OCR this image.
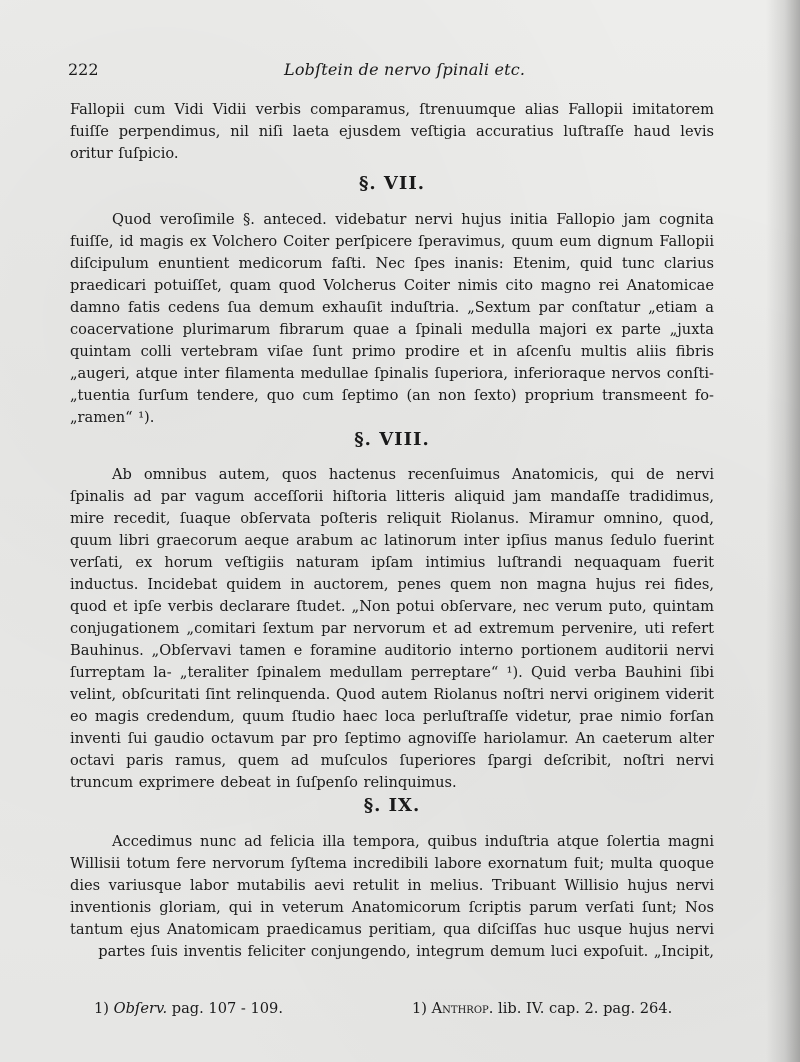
222	Lobſtein de nervo ſpinali etc.

Fallopii cum Vidi Vidii verbis comparamus, ſtrenuumque alias Fallopii imitatorem fuiſſe perpendimus, nil niſi laeta ejusdem veſtigia accuratius luſtraſſe haud levis oritur ſuſpicio.

§. VII.

Quod veroſimile §. anteced. videbatur nervi hujus initia Fallopio jam cognita fuiſſe, id magis ex Volchero Coiter perſpicere ſperavimus, quum eum dignum Fallopii diſcipulum enuntient medicorum faſti. Nec ſpes inanis: Etenim, quid tunc clarius praedicari potuiſſet, quam quod Volcherus Coiter nimis cito magno rei Anatomicae damno fatis cedens ſua demum exhauſit induſtria. „Sextum par conſtatur „etiam a coacervatione plurimarum fibrarum quae a ſpinali medulla majori ex parte „juxta quintam colli vertebram viſae ſunt primo prodire et in aſcenſu multis aliis fibris „augeri, atque inter filamenta medullae ſpinalis ſuperiora, inferioraque nervos conſti- „tuentia ſurſum tendere, quo cum ſeptimo (an non ſexto) proprium transmeent fo- „ramen“ ¹).

§. VIII.

Ab omnibus autem, quos hactenus recenſuimus Anatomicis, qui de nervi ſpinalis ad par vagum acceſſorii hiſtoria litteris aliquid jam mandaſſe tradidimus, mire recedit, ſuaque obſervata poſteris reliquit Riolanus. Miramur omnino, quod, quum libri graecorum aeque arabum ac latinorum inter ipſius manus ſedulo fuerint verſati, ex horum veſtigiis naturam ipſam intimius luſtrandi nequaquam fuerit inductus. Incidebat quidem in auctorem, penes quem non magna hujus rei fides, quod et ipſe verbis declarare ſtudet. „Non potui obſervare, nec verum puto, quintam conjugationem „comitari ſextum par nervorum et ad extremum pervenire, uti refert Bauhinus. „Obſervavi tamen e foramine auditorio interno portionem auditorii nervi ſurreptam la- „teraliter ſpinalem medullam perreptare“ ¹). Quid verba Bauhini ſibi velint, obſcuritati ſint relinquenda. Quod autem Riolanus noſtri nervi originem viderit eo magis credendum, quum ſtudio haec loca perluſtraſſe videtur, prae nimio forſan inventi ſui gaudio octavum par pro ſeptimo agnoviſſe hariolamur. An caeterum alter octavi paris ramus, quem ad muſculos ſuperiores ſpargi deſcribit, noſtri nervi truncum exprimere debeat in ſuſpenſo relinquimus.

§. IX.

Accedimus nunc ad felicia illa tempora, quibus induſtria atque ſolertia magni Willisii totum fere nervorum ſyſtema incredibili labore exornatum fuit; multa quoque dies variusque labor mutabilis aevi retulit in melius. Tribuant Willisio hujus nervi inventionis gloriam, qui in veterum Anatomicorum ſcriptis parum verſati ſunt; Nos tantum ejus Anatomicam praedicamus peritiam, qua diſciſſas huc usque hujus nervi partes ſuis inventis feliciter conjungendo, integrum demum luci expoſuit. „Incipit,

1) Obſerv. pag. 107 - 109.	1) Anthrop. lib. IV. cap. 2. pag. 264.
